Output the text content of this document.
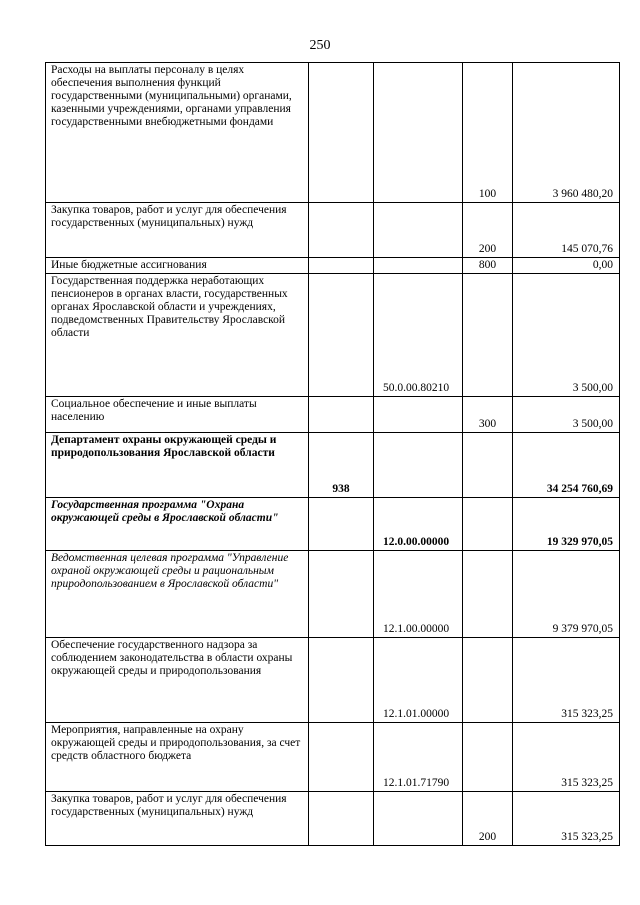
250
Расходы на выплаты персоналу в целях обеспечения выполнения функций государственными (муниципальными) органами, казенными учреждениями, органами управления государственными внебюджетными фондами			100	3 960 480,20
Закупка товаров, работ и услуг для обеспечения государственных (муниципальных) нужд			200	145 070,76
Иные бюджетные ассигнования			800	0,00
Государственная поддержка неработающих пенсионеров в органах власти, государственных органах Ярославской области и учреждениях, подведомственных Правительству Ярославской области		50.0.00.80210		3 500,00
Социальное обеспечение и иные выплаты населению			300	3 500,00
Департамент охраны окружающей среды и природопользования Ярославской области	938			34 254 760,69
Государственная программа "Охрана окружающей среды в Ярославской области"		12.0.00.00000		19 329 970,05
Ведомственная целевая программа "Управление охраной окружающей среды и рациональным природопользованием в Ярославской области"		12.1.00.00000		9 379 970,05
Обеспечение государственного надзора за соблюдением законодательства в области охраны окружающей среды и природопользования		12.1.01.00000		315 323,25
Мероприятия, направленные на охрану окружающей среды и природопользования, за счет средств областного бюджета		12.1.01.71790		315 323,25
Закупка товаров, работ и услуг для обеспечения государственных (муниципальных) нужд			200	315 323,25
